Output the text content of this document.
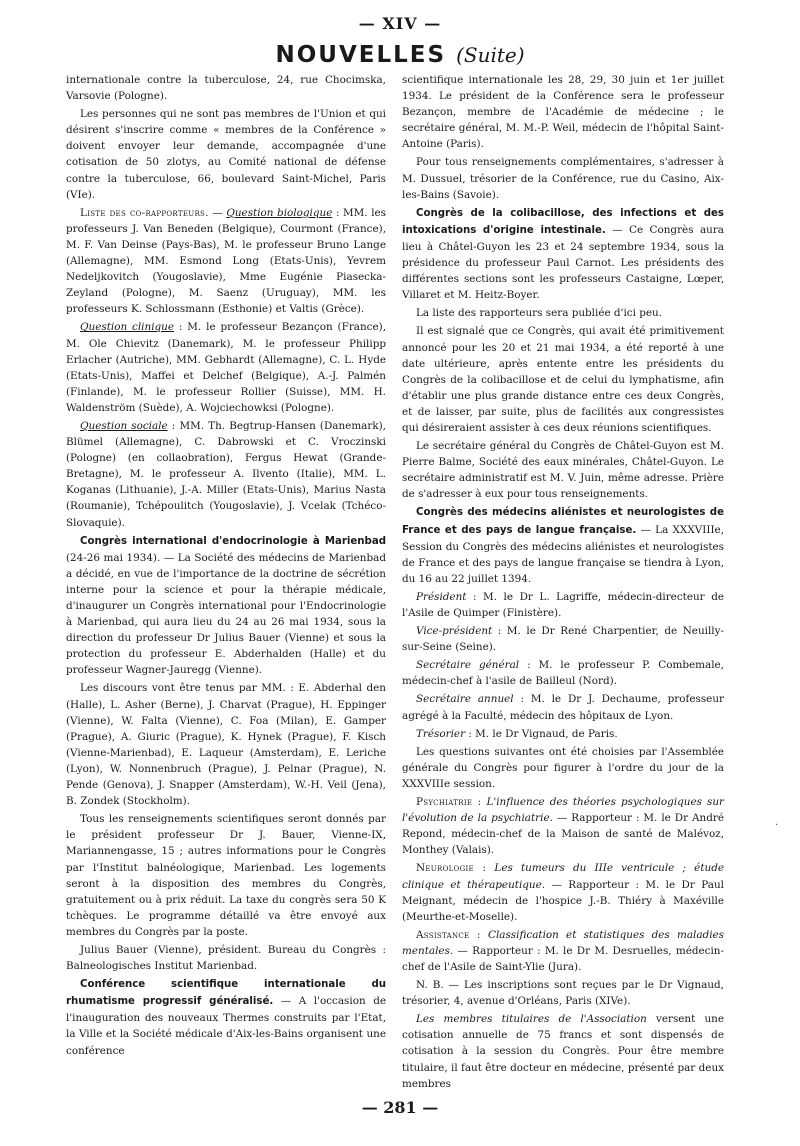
— XIV —
NOUVELLES (Suite)

internationale contre la tuberculose, 24, rue Chocimska, Varsovie (Pologne).

Les personnes qui ne sont pas membres de l'Union et qui désirent s'inscrire comme « membres de la Conférence » doivent envoyer leur demande, accompagnée d'une cotisation de 50 zlotys, au Comité national de défense contre la tuberculose, 66, boulevard Saint-Michel, Paris (VIe).

Liste des co-rapporteurs. — Question biologique : MM. les professeurs J. Van Beneden (Belgique), Courmont (France), M. F. Van Deinse (Pays-Bas), M. le professeur Bruno Lange (Allemagne), MM. Esmond Long (Etats-Unis), Yevrem Nedeljkovitch (Yougoslavie), Mme Eugénie Piasecka-Zeyland (Pologne), M. Saenz (Uruguay), MM. les professeurs K. Schlossmann (Esthonie) et Valtis (Grèce).

Question clinique : M. le professeur Bezançon (France), M. Ole Chievitz (Danemark), M. le professeur Philipp Erlacher (Autriche), MM. Gebhardt (Allemagne), C. L. Hyde (Etats-Unis), Maffei et Delchef (Belgique), A.-J. Palmén (Finlande), M. le professeur Rollier (Suisse), MM. H. Waldenström (Suède), A. Wojciechowksi (Pologne).

Question sociale : MM. Th. Begtrup-Hansen (Danemark), Blümel (Allemagne), C. Dabrowski et C. Vroczinski (Pologne) (en collaobration), Fergus Hewat (Grande-Bretagne), M. le professeur A. Ilvento (Italie), MM. L. Koganas (Lithuanie), J.-A. Miller (Etats-Unis), Marius Nasta (Roumanie), Tchépoulitch (Yougoslavie), J. Vcelak (Tchéco-Slovaquie).

Congrès international d'endocrinologie à Marienbad (24-26 mai 1934). — La Société des médecins de Marienbad a décidé, en vue de l'importance de la doctrine de sécrétion interne pour la science et pour la thérapie médicale, d'inaugurer un Congrès international pour l'Endocrinologie à Marienbad, qui aura lieu du 24 au 26 mai 1934, sous la direction du professeur Dr Julius Bauer (Vienne) et sous la protection du professeur E. Abderhalden (Halle) et du professeur Wagner-Jauregg (Vienne).

Les discours vont être tenus par MM. : E. Abderhal den (Halle), L. Asher (Berne), J. Charvat (Prague), H. Eppinger (Vienne), W. Falta (Vienne), C. Foa (Milan), E. Gamper (Prague), A. Giuric (Prague), K. Hynek (Prague), F. Kisch (Vienne-Marienbad), E. Laqueur (Amsterdam), E. Leriche (Lyon), W. Nonnenbruch (Prague), J. Pelnar (Prague), N. Pende (Genova), J. Snapper (Amsterdam), W.-H. Veil (Jena), B. Zondek (Stockholm).

Tous les renseignements scientifiques seront donnés par le président professeur Dr J. Bauer, Vienne-IX, Mariannengasse, 15 ; autres informations pour le Congrès par l'Institut balnéologique, Marienbad. Les logements seront à la disposition des membres du Congrès, gratuitement ou à prix réduit. La taxe du congrès sera 50 K tchèques. Le programme détaillé va être envoyé aux membres du Congrès par la poste.

Julius Bauer (Vienne), président. Bureau du Congrès : Balneologisches Institut Marienbad.

Conférence scientifique internationale du rhumatisme progressif généralisé. — A l'occasion de l'inauguration des nouveaux Thermes construits par l'Etat, la Ville et la Société médicale d'Aix-les-Bains organisent une conférence

scientifique internationale les 28, 29, 30 juin et 1er juillet 1934. Le président de la Conférence sera le professeur Bezançon, membre de l'Académie de médecine ; le secrétaire général, M. M.-P. Weil, médecin de l'hôpital Saint-Antoine (Paris).

Pour tous renseignements complémentaires, s'adresser à M. Dussuel, trésorier de la Conférence, rue du Casino, Aix-les-Bains (Savoie).

Congrès de la colibacillose, des infections et des intoxications d'origine intestinale. — Ce Congrès aura lieu à Châtel-Guyon les 23 et 24 septembre 1934, sous la présidence du professeur Paul Carnot. Les présidents des différentes sections sont les professeurs Castaigne, Lœper, Villaret et M. Heitz-Boyer.

La liste des rapporteurs sera publiée d'ici peu.

Il est signalé que ce Congrès, qui avait été primitivement annoncé pour les 20 et 21 mai 1934, a été reporté à une date ultérieure, après entente entre les présidents du Congrès de la colibacillose et de celui du lymphatisme, afin d'établir une plus grande distance entre ces deux Congrès, et de laisser, par suite, plus de facilités aux congressistes qui désireraient assister à ces deux réunions scientifiques.

Le secrétaire général du Congrès de Châtel-Guyon est M. Pierre Balme, Société des eaux minérales, Châtel-Guyon. Le secrétaire administratif est M. V. Juin, même adresse. Prière de s'adresser à eux pour tous renseignements.

Congrès des médecins aliénistes et neurologistes de France et des pays de langue française. — La XXXVIIIe, Session du Congrès des médecins aliénistes et neurologistes de France et des pays de langue française se tiendra à Lyon, du 16 au 22 juillet 1394.

Président : M. le Dr L. Lagriffe, médecin-directeur de l'Asile de Quimper (Finistère).

Vice-président : M. le Dr René Charpentier, de Neuilly-sur-Seine (Seine).

Secrétaire général : M. le professeur P. Combemale, médecin-chef à l'asile de Bailleul (Nord).

Secrétaire annuel : M. le Dr J. Dechaume, professeur agrégé à la Faculté, médecin des hôpitaux de Lyon.

Trésorier : M. le Dr Vignaud, de Paris.

Les questions suivantes ont été choisies par l'Assemblée générale du Congrès pour figurer à l'ordre du jour de la XXXVIIIe session.

Psychiatrie : L'influence des théories psychologiques sur l'évolution de la psychiatrie. — Rapporteur : M. le Dr André Repond, médecin-chef de la Maison de santé de Malévoz, Monthey (Valais).

Neurologie : Les tumeurs du IIIe ventricule ; étude clinique et thérapeutique. — Rapporteur : M. le Dr Paul Meignant, médecin de l'hospice J.-B. Thiéry à Maxéville (Meurthe-et-Moselle).

Assistance : Classification et statistiques des maladies mentales. — Rapporteur : M. le Dr M. Desruelles, médecin-chef de l'Asile de Saint-Ylie (Jura).

N. B. — Les inscriptions sont reçues par le Dr Vignaud, trésorier, 4, avenue d'Orléans, Paris (XIVe).

Les membres titulaires de l'Association versent une cotisation annuelle de 75 francs et sont dispensés de cotisation à la session du Congrès. Pour être membre titulaire, il faut être docteur en médecine, présenté par deux membres

·
— 281 —
